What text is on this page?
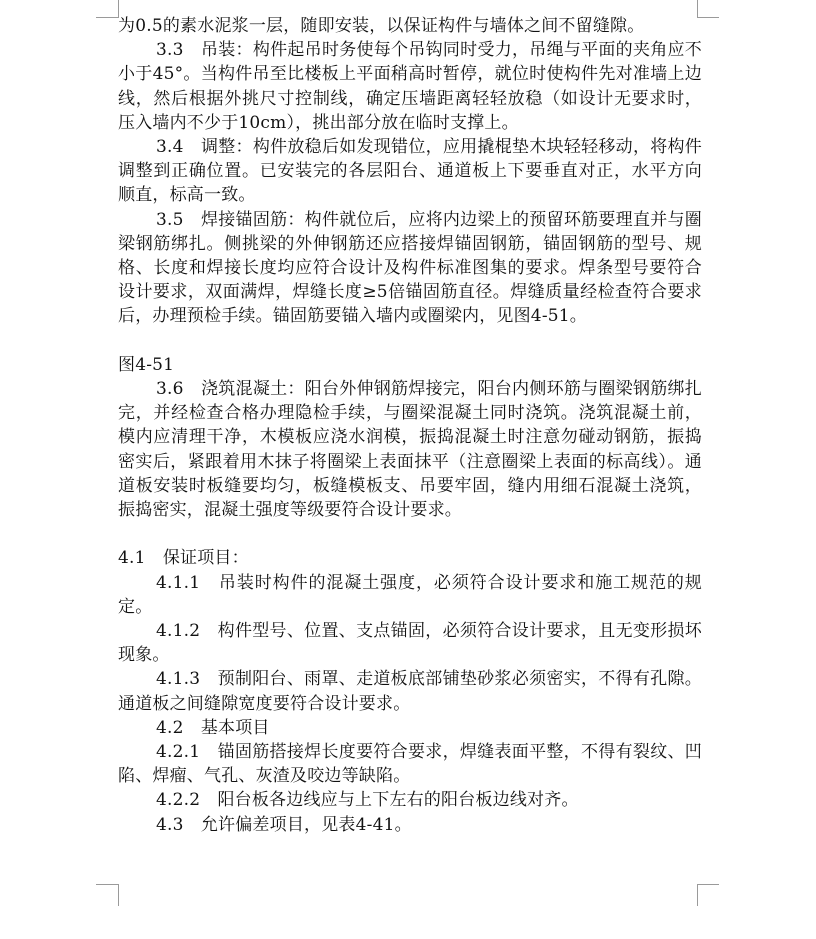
为0.5的素水泥浆一层，随即安装，以保证构件与墙体之间不留缝隙。

3.3　吊装：构件起吊时务使每个吊钩同时受力，吊绳与平面的夹角应不小于45°。当构件吊至比楼板上平面稍高时暂停，就位时使构件先对准墙上边线，然后根据外挑尺寸控制线，确定压墙距离轻轻放稳（如设计无要求时，压入墙内不少于10cm），挑出部分放在临时支撑上。

3.4　调整：构件放稳后如发现错位，应用撬棍垫木块轻轻移动，将构件调整到正确位置。已安装完的各层阳台、通道板上下要垂直对正，水平方向顺直，标高一致。

3.5　焊接锚固筋：构件就位后，应将内边梁上的预留环筋要理直并与圈梁钢筋绑扎。侧挑梁的外伸钢筋还应搭接焊锚固钢筋，锚固钢筋的型号、规格、长度和焊接长度均应符合设计及构件标准图集的要求。焊条型号要符合设计要求，双面满焊，焊缝长度≥5倍锚固筋直径。焊缝质量经检查符合要求后，办理预检手续。锚固筋要锚入墙内或圈梁内，见图4-51。

图4-51

3.6　浇筑混凝土：阳台外伸钢筋焊接完，阳台内侧环筋与圈梁钢筋绑扎完，并经检查合格办理隐检手续，与圈梁混凝土同时浇筑。浇筑混凝土前，模内应清理干净，木模板应浇水润模，振捣混凝土时注意勿碰动钢筋，振捣密实后，紧跟着用木抹子将圈梁上表面抹平（注意圈梁上表面的标高线）。通道板安装时板缝要均匀，板缝模板支、吊要牢固，缝内用细石混凝土浇筑，振捣密实，混凝土强度等级要符合设计要求。

4.1　保证项目：

4.1.1　吊装时构件的混凝土强度，必须符合设计要求和施工规范的规定。

4.1.2　构件型号、位置、支点锚固，必须符合设计要求，且无变形损坏现象。

4.1.3　预制阳台、雨罩、走道板底部铺垫砂浆必须密实，不得有孔隙。通道板之间缝隙宽度要符合设计要求。

4.2　基本项目

4.2.1　锚固筋搭接焊长度要符合要求，焊缝表面平整，不得有裂纹、凹陷、焊瘤、气孔、灰渣及咬边等缺陷。

4.2.2　阳台板各边线应与上下左右的阳台板边线对齐。

4.3　允许偏差项目，见表4-41。
